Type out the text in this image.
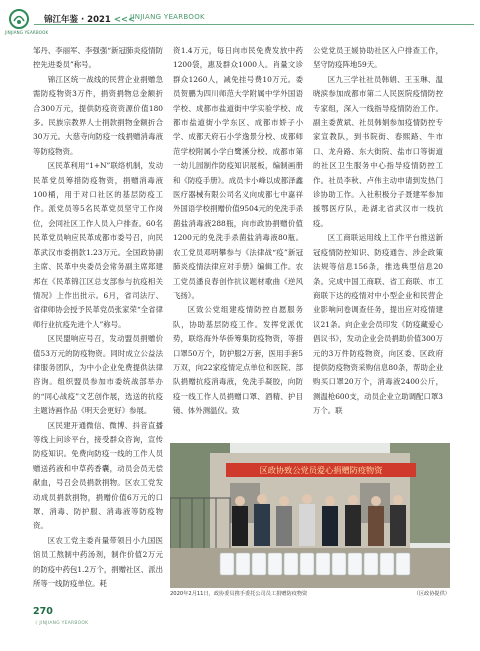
JINJIANG YEARBOOK
锦江年鉴 · 2021 <<<
JINJIANG YEARBOOK

邹丹、李丽军、李强强“新冠肺炎疫情防控先进委员”称号。

锦江区统一战线的民营企业捐赠急需防疫物资3万件，捐资捐物总金额折合300万元，提供防疫资资源价值180多。民族宗教界人士捐款捐物金额折合30万元。大慈寺向防疫一线捐赠消毒液等防疫物资。

区民革利用“1+N”联络机制，发动民革党员筹措防疫物资，捐赠消毒液100桶，用于对口社区的基层防疫工作。派党员等5名民革党员坚守工作岗位，会同社区工作人员入户排查。60名民革党员响应民革成都市委号召，向民革武汉市委捐款1.23万元。全国政协副主席、民革中央委员会常务副主席郑建邦在《民革锦江区总支部参与抗疫相关情况》上作出批示。6月，省司法厅、省律师协会授予民革党员张家荣“全省律师行业抗疫先进个人”称号。

区民盟响应号召，发动盟员捐赠价值53万元的防疫物资。同时成立公益法律服务团队，为中小企业免费提供法律咨询。组织盟员参加市委统战部举办的“同心战疫”文艺创作展，选送的抗疫主题诗画作品《明天会更好》参展。

区民建开通微信、微博、抖音直播等线上问诊平台，接受群众咨询，宣传防疫知识。免费向防疫一线的工作人员赠送药液和中草药香囊，动员会员无偿献血，号召会员捐款捐物。区农工党发动成员捐款捐物，捐赠价值6万元的口罩、消毒、防护服、消毒液等防疫物资。

区农工党主委肖量带领吕小九国医馆员工熬制中药汤剂，制作价值2万元的防疫中药包1.2万个，捐赠社区、派出所等一线防疫单位。耗

资1.4万元，每日向市民免费发放中药1200袋，惠及群众1000人。肖量文诊群众1260人，减免挂号费10万元。委员贺鹏为四川师范大学附属中学外国语学校、成都市盐道街中学实验学校、成都市盐道街小学东区、成都市娇子小学、成都天府石小学逸景分校、成都师范学校附属小学白鹭溪分校、成都市第一幼儿园制作防疫知识展板，编制画册和《防疫手册》。成员卡小峰以成都泽鑫医疗器械有限公司名义向成都七中嘉祥外国语学校捐赠价值9504元的免洗手杀菌盐消毒液288瓶，向市政协捐赠价值1200元的免洗手杀菌盐消毒液80瓶。农工党员邓明攀参与《法律战“疫”新冠肺炎疫情法律应对手册》编辑工作。农工党员潘良春创作抗议题材歌曲《逆风飞扬》。

区致公党组建疫情防控自愿服务队，协助基层防疫工作。发挥党派优势，联络海外华侨筹集防疫物资，等措口罩50万个，防护服2万套，医用手套5万双，向22家疫情定点单位和医院、部队捐赠抗疫消毒液，免洗手凝胶，向防疫一线工作人员捐赠口罩、酒精、护目镜、体外测温仪。致

公党党员王媛协助社区入户排查工作，坚守防疫阵地59天。

区九三学社社员韩娟、王玉琳、温晓滨参加成都市第二人民医院疫情防控专家组，深入一线指导疫情防治工作。副主委黄斌、社员韩娟参加疫情防控专家宣教队，到书院街、春熙路、牛市口、龙舟路、东大街院、盐市口等街道的社区卫生服务中心指导疫情防控工作。社员李秋、卢伟主动申请到发热门诊协助工作。入社积极分子聂建军参加援鄂医疗队，赴湖北省武汉市一线抗疫。

区工商联运用线上工作平台推送新冠疫情防控知识、防疫通告、涉企政策法规等信息156条，推选典型信息20条。完成中国工商联、省工商联、市工商联下达的疫情对中小型企业和民营企业影响问卷调查任务，提出应对疫情建议21条。向企业会员印发《防疫藏爱心倡议书》，发动企业会员捐助价值300万元的3万件防疫物资，向区委、区政府提供防疫物资采购信息80条，帮助企业购买口罩20万个，消毒液2400公斤，测温枪600支，动员企业立助调配口罩3万个。联

区政协致公党员爱心捐赠防疫物资
2020年2月11日，政协委员携手委托公司员工捐赠防疫物资	（区政协提供）
270
《 JINJIANG YEARBOOK
